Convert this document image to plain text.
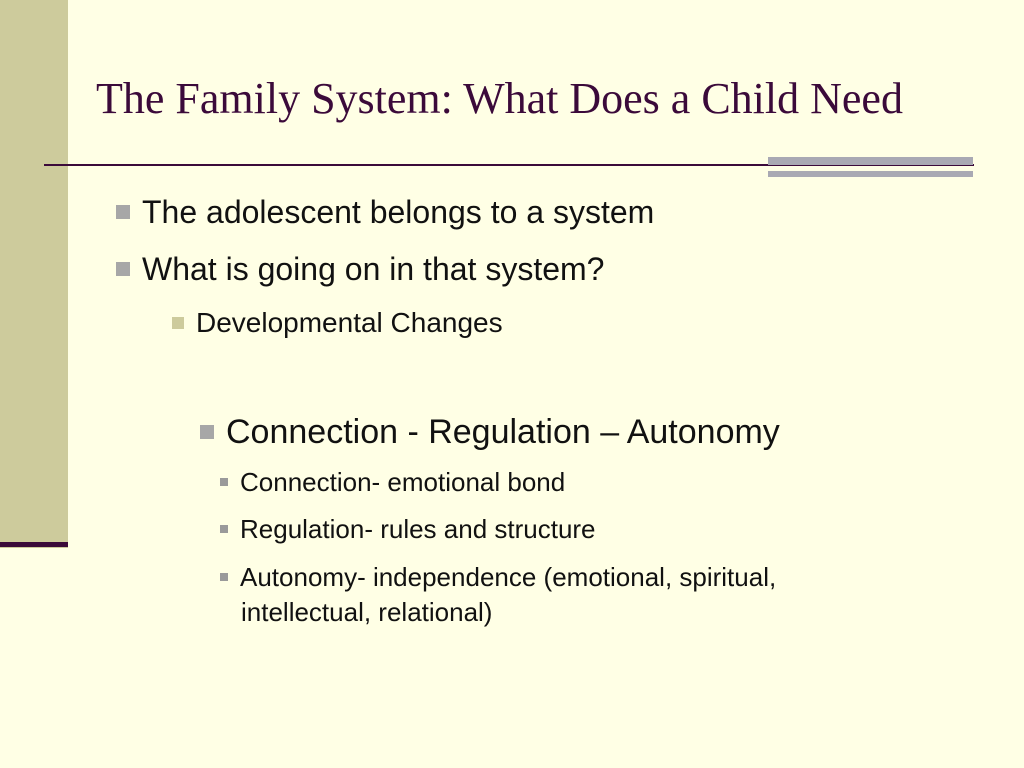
The Family System: What Does a Child Need
The adolescent belongs to a system
What is going on in that system?
Developmental Changes
Connection - Regulation – Autonomy
Connection- emotional bond
Regulation- rules and structure
Autonomy- independence (emotional, spiritual,
intellectual, relational)
